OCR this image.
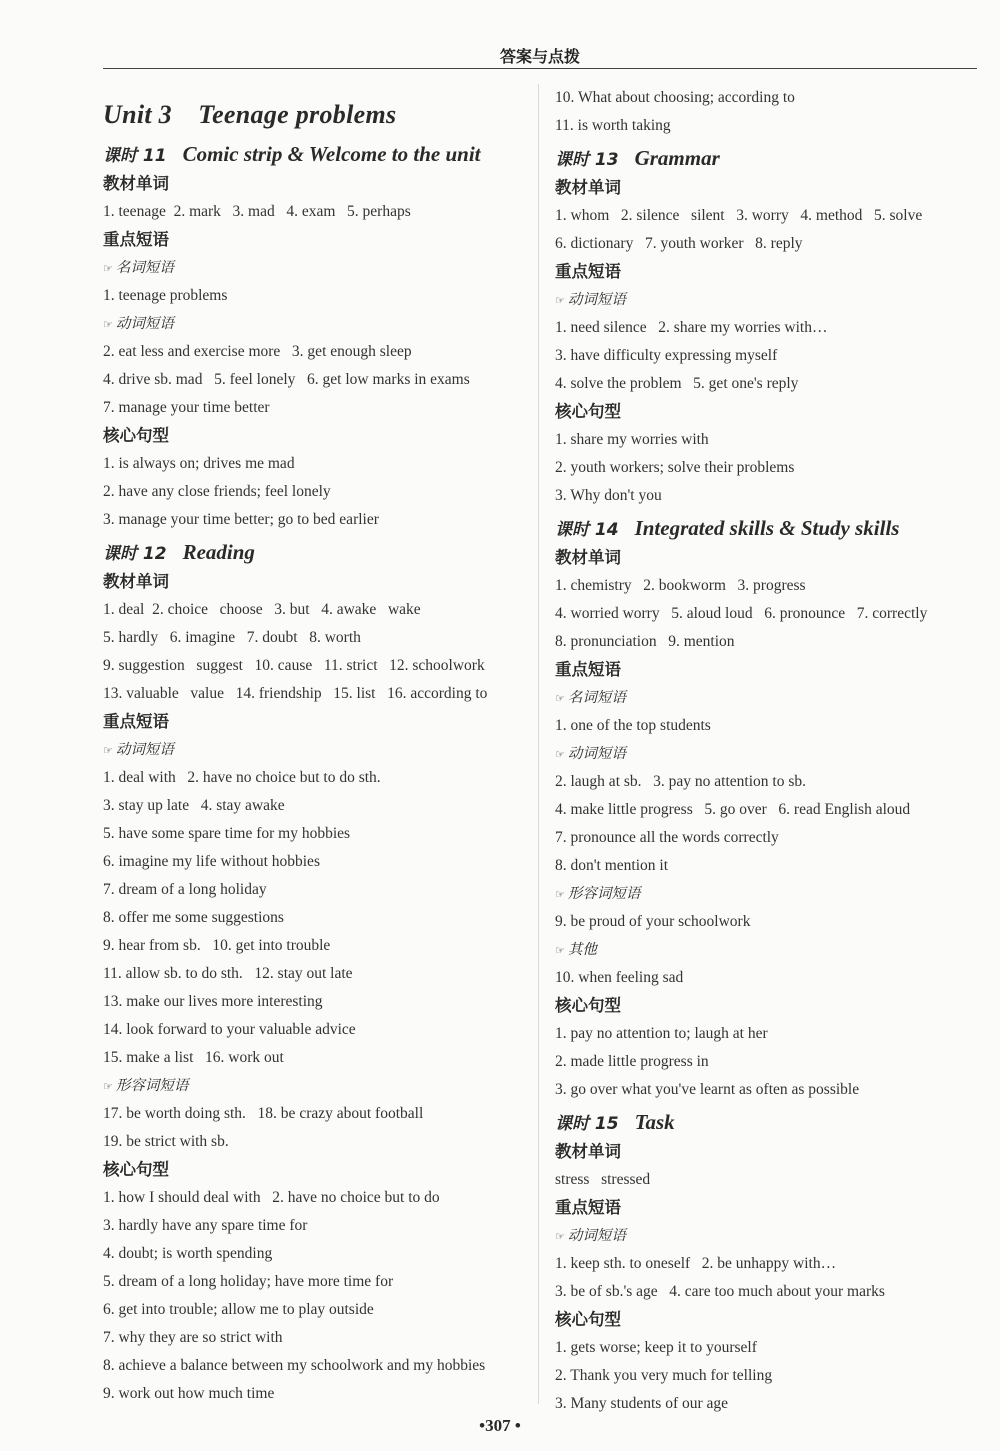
答案与点拨
Unit 3　Teenage problems
课时 11 Comic strip & Welcome to the unit
教材单词
1. teenage  2. mark   3. mad   4. exam   5. perhaps
重点短语
☞ 名词短语
1. teenage problems
☞ 动词短语
2. eat less and exercise more   3. get enough sleep
4. drive sb. mad   5. feel lonely   6. get low marks in exams
7. manage your time better
核心句型
1. is always on; drives me mad
2. have any close friends; feel lonely
3. manage your time better; go to bed earlier
课时 12 Reading
教材单词
1. deal  2. choice   choose   3. but   4. awake   wake
5. hardly   6. imagine   7. doubt   8. worth
9. suggestion   suggest   10. cause   11. strict   12. schoolwork
13. valuable   value   14. friendship   15. list   16. according to
重点短语
☞ 动词短语
1. deal with   2. have no choice but to do sth.
3. stay up late   4. stay awake
5. have some spare time for my hobbies
6. imagine my life without hobbies
7. dream of a long holiday
8. offer me some suggestions
9. hear from sb.   10. get into trouble
11. allow sb. to do sth.   12. stay out late
13. make our lives more interesting
14. look forward to your valuable advice
15. make a list   16. work out
☞ 形容词短语
17. be worth doing sth.   18. be crazy about football
19. be strict with sb.
核心句型
1. how I should deal with   2. have no choice but to do
3. hardly have any spare time for
4. doubt; is worth spending
5. dream of a long holiday; have more time for
6. get into trouble; allow me to play outside
7. why they are so strict with
8. achieve a balance between my schoolwork and my hobbies
9. work out how much time
10. What about choosing; according to
11. is worth taking
课时 13 Grammar
教材单词
1. whom   2. silence   silent   3. worry   4. method   5. solve
6. dictionary   7. youth worker   8. reply
重点短语
☞ 动词短语
1. need silence   2. share my worries with…
3. have difficulty expressing myself
4. solve the problem   5. get one's reply
核心句型
1. share my worries with
2. youth workers; solve their problems
3. Why don't you
课时 14 Integrated skills & Study skills
教材单词
1. chemistry   2. bookworm   3. progress
4. worried worry   5. aloud loud   6. pronounce   7. correctly
8. pronunciation   9. mention
重点短语
☞ 名词短语
1. one of the top students
☞ 动词短语
2. laugh at sb.   3. pay no attention to sb.
4. make little progress   5. go over   6. read English aloud
7. pronounce all the words correctly
8. don't mention it
☞ 形容词短语
9. be proud of your schoolwork
☞ 其他
10. when feeling sad
核心句型
1. pay no attention to; laugh at her
2. made little progress in
3. go over what you've learnt as often as possible
课时 15 Task
教材单词
stress   stressed
重点短语
☞ 动词短语
1. keep sth. to oneself   2. be unhappy with…
3. be of sb.'s age   4. care too much about your marks
核心句型
1. gets worse; keep it to yourself
2. Thank you very much for telling
3. Many students of our age
•307 •
